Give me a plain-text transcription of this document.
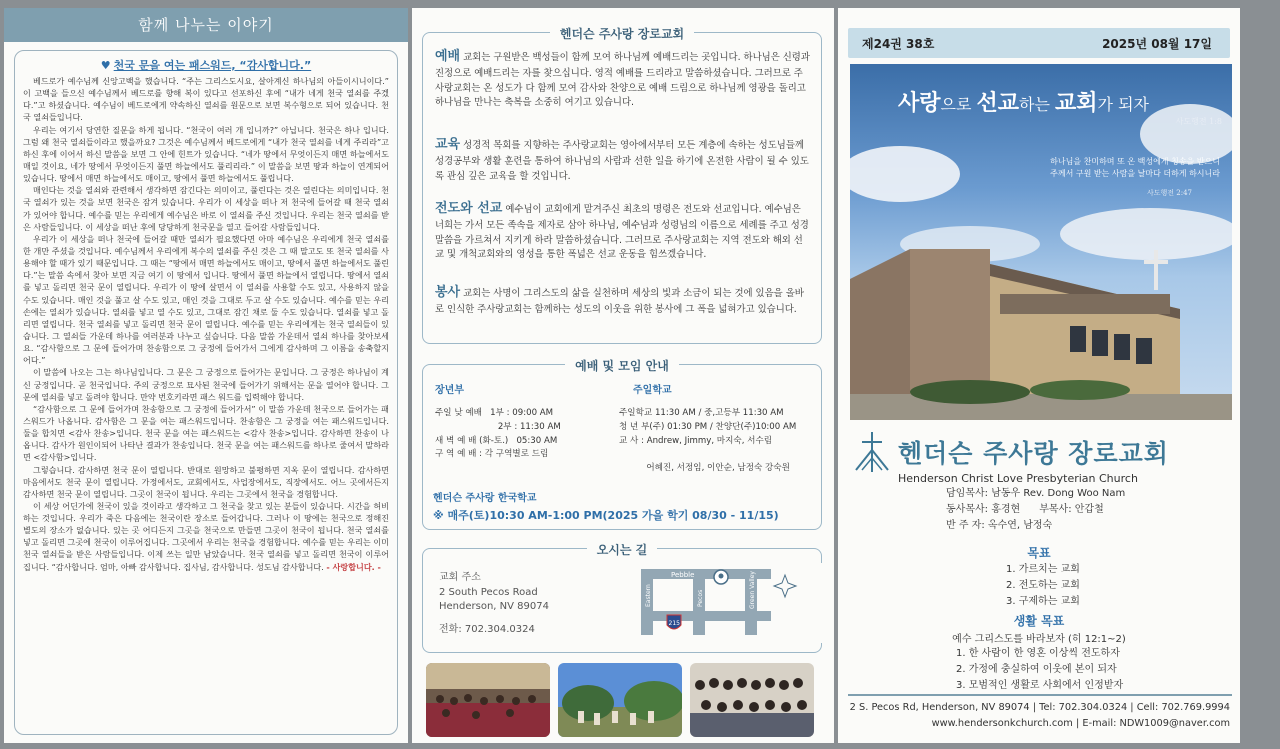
함께 나누는 이야기
♥ 천국 문을 여는 패스워드, “감사합니다.”

베드로가 예수님께 신앙고백을 했습니다. “주는 그리스도시요, 살아계신 하나님의 아들이시니이다.” 이 고백을 들으신 예수님께서 베드로를 향해 복이 있다고 선포하신 후에 “내가 네게 천국 열쇠를 주겠다.”고 하셨습니다. 예수님이 베드로에게 약속하신 열쇠를 원문으로 보면 복수형으로 되어 있습니다. 천국 열쇠들입니다.

우리는 여기서 당연한 질문을 하게 됩니다. “천국이 여러 개 입니까?” 아닙니다. 천국은 하나 입니다. 그럼 왜 천국 열쇠들이라고 했을까요? 그것은 예수님께서 베드로에게 “내가 천국 열쇠를 네게 주리라”고 하신 후에 이어서 하신 말씀을 보면 그 안에 힌트가 있습니다. “네가 땅에서 무엇이든지 매면 하늘에서도 매일 것이요, 네가 땅에서 무엇이든지 풀면 하늘에서도 풀리리라.” 이 말씀을 보면 땅과 하늘이 연계되어 있습니다. 땅에서 매면 하늘에서도 매이고, 땅에서 풀면 하늘에서도 풀립니다.

매인다는 것을 열쇠와 관련해서 생각하면 잠긴다는 의미이고, 풀린다는 것은 열린다는 의미입니다. 천국 열쇠가 있는 것을 보면 천국은 잠겨 있습니다. 우리가 이 세상을 떠나 저 천국에 들어갈 때 천국 열쇠가 있어야 합니다. 예수를 믿는 우리에게 예수님은 바로 이 열쇠를 주신 것입니다. 우리는 천국 열쇠를 받은 사람들입니다. 이 세상을 떠난 후에 당당하게 천국문을 열고 들어갈 사람들입니다.

우리가 이 세상을 떠나 천국에 들어갈 때만 열쇠가 필요했다면 아마 예수님은 우리에게 천국 열쇠를 한 개만 주셨을 것입니다. 예수님께서 우리에게 복수의 열쇠를 주신 것은 그 때 말고도 또 천국 열쇠를 사용해야 할 때가 있기 때문입니다. 그 때는 “땅에서 매면 하늘에서도 매이고, 땅에서 풀면 하늘에서도 풀린다.”는 말씀 속에서 찾아 보면 지금 여기 이 땅에서 입니다. 땅에서 풀면 하늘에서 열립니다. 땅에서 열쇠를 넣고 돌리면 천국 문이 열립니다. 우리가 이 땅에 살면서 이 열쇠를 사용할 수도 있고, 사용하지 않을 수도 있습니다. 매인 것을 풀고 살 수도 있고, 매인 것을 그대로 두고 살 수도 있습니다. 예수를 믿는 우리 손에는 열쇠가 있습니다. 열쇠를 넣고 열 수도 있고, 그대로 잠긴 채로 둘 수도 있습니다. 열쇠를 넣고 돌리면 열립니다. 천국 열쇠를 넣고 돌리면 천국 문이 열립니다. 예수를 믿는 우리에게는 천국 열쇠들이 있습니다. 그 열쇠들 가운데 하나를 여러분과 나누고 싶습니다. 다음 말씀 가운데서 열쇠 하나를 찾아보세요. “감사함으로 그 문에 들어가며 찬송함으로 그 궁정에 들어가서 그에게 감사하며 그 이름을 송축할지어다.”

이 말씀에 나오는 그는 하나님입니다. 그 문은 그 궁정으로 들어가는 문입니다. 그 궁정은 하나님이 계신 궁정입니다. 곧 천국입니다. 주의 궁정으로 묘사된 천국에 들어가기 위해서는 문을 열어야 합니다. 그 문에 열쇠를 넣고 돌려야 합니다. 만약 번호키라면 패스 워드를 입력해야 합니다.

“감사함으로 그 문에 들어가며 찬송함으로 그 궁정에 들어가서” 이 말씀 가운데 천국으로 들어가는 패스워드가 나옵니다. 감사함은 그 문을 여는 패스워드입니다. 찬송함은 그 궁정을 여는 패스워드입니다. 둘을 합치면 <감사 찬송>입니다. 천국 문을 여는 패스워드는 <감사 찬송>입니다. 감사하면 찬송이 나옵니다. 감사가 원인이되어 나타난 결과가 찬송입니다. 천국 문을 여는 패스워드를 하나로 줄여서 말하라면 <감사함>입니다.

그렇습니다. 감사하면 천국 문이 열립니다. 반대로 원망하고 불평하면 지옥 문이 열립니다. 감사하면 마음에서도 천국 문이 열립니다. 가정에서도, 교회에서도, 사업장에서도, 직장에서도. 어느 곳에서든지 감사하면 천국 문이 열립니다. 그곳이 천국이 됩니다. 우리는 그곳에서 천국을 경험합니다.

이 세상 어딘가에 천국이 있을 것이라고 생각하고 그 천국을 찾고 있는 분들이 있습니다. 시간을 허비하는 것입니다. 우리가 죽은 다음에는 천국이란 장소로 들어갑니다. 그러나 이 땅에는 천국으로 정해진 별도의 장소가 없습니다. 있는 곳 어디든지 그곳을 천국으로 만들면 그곳이 천국이 됩니다. 천국 열쇠를 넣고 돌리면 그곳에 천국이 이루어집니다. 그곳에서 우리는 천국을 경험합니다. 예수를 믿는 우리는 이미 천국 열쇠들을 받은 사람들입니다. 이제 쓰는 일만 남았습니다. 천국 열쇠를 넣고 돌리면 천국이 이루어집니다. “감사합니다. 엄마, 아빠 감사합니다. 집사님, 감사합니다. 성도님 감사합니다. - 사랑합니다. -

헨더슨 주사랑 장로교회
예배 교회는 구원받은 백성들이 함께 모여 하나님께 예배드리는 곳입니다. 하나님은 신령과 진정으로 예배드리는 자를 찾으십니다. 영적 예배를 드리라고 말씀하셨습니다. 그러므로 주사랑교회는 온 성도가 다 함께 모여 감사와 찬양으로 예배 드림으로 하나님께 영광을 돌리고 하나님을 만나는 축복을 소중히 여기고 있습니다.
교육 성경적 목회를 지향하는 주사랑교회는 영아에서부터 모든 계층에 속하는 성도님들께 성경공부와 생활 훈련을 통하여 하나님의 사람과 선한 일을 하기에 온전한 사람이 될 수 있도록 관심 깊은 교육을 할 것입니다.
전도와 선교 예수님이 교회에게 맡겨주신 최초의 명령은 전도와 선교입니다. 예수님은 너희는 가서 모든 족속을 제자로 삼아 하나님, 예수님과 성령님의 이름으로 세례를 주고 성경 말씀을 가르쳐서 지키게 하라 말씀하셨습니다. 그러므로 주사랑교회는 지역 전도와 해외 선교 및 개척교회와의 영성을 통한 폭넓은 선교 운동을 힘쓰겠습니다.
봉사 교회는 사명이 그리스도의 삶을 실천하며 세상의 빛과 소금이 되는 것에 있음을 올바로 인식한 주사랑교회는 함께하는 성도의 이웃을 위한 봉사에 그 폭을 넓혀가고 있습니다.
예배 및 모임 안내
장년부
주일 낮 예배   1부 : 09:00 AM
2부 : 11:30 AM
새 벽 예 배 (화-토.)   05:30 AM
구 역 예 배 : 각 구역별로 드림
주일학교
주일학교 11:30 AM / 중,고등부 11:30 AM
청 년 부(주) 01:30 PM / 찬양단(주)10:00 AM
교 사 : Andrew, Jimmy, 마지숙, 서수림

어혜진, 서정임, 이안순, 남정숙 강숙원
헨더슨 주사랑 한국학교
※ 매주(토)10:30 AM-1:00 PM(2025 가을 학기 08/30 - 11/15)
오시는 길
교회 주소
2 South Pecos Road
Henderson, NV 89074
전화: 702.304.0324
Pebble
Eastern	Pecos	Green Valley
215
제24권 38호	2025년 08월 17일
사랑으로 선교하는 교회가 되자
사도행전 1:8
하나님을 찬미하며 또 온 백성에게 칭송을 받으니
주께서 구원 받는 사람을 날마다 더하게 하시니라
사도행전 2:47
헨더슨 주사랑 장로교회
Henderson Christ Love Presbyterian Church
담임목사: 남동우 Rev. Dong Woo Nam
동사목사: 홍경현      부목사: 안갑철
반 주 자: 옥수연, 남정숙
목표
1. 가르치는 교회
2. 전도하는 교회
3. 구제하는 교회
생활 목표
예수 그리스도를 바라보자 (히 12:1~2)
1. 한 사람이 한 영혼 이상씩 전도하자
2. 가정에 충실하여 이웃에 본이 되자
3. 모범적인 생활로 사회에서 인정받자
2 S. Pecos Rd, Henderson, NV 89074 | Tel: 702.304.0324 | Cell: 702.769.9994
www.hendersonkchurch.com | E-mail: NDW1009@naver.com
